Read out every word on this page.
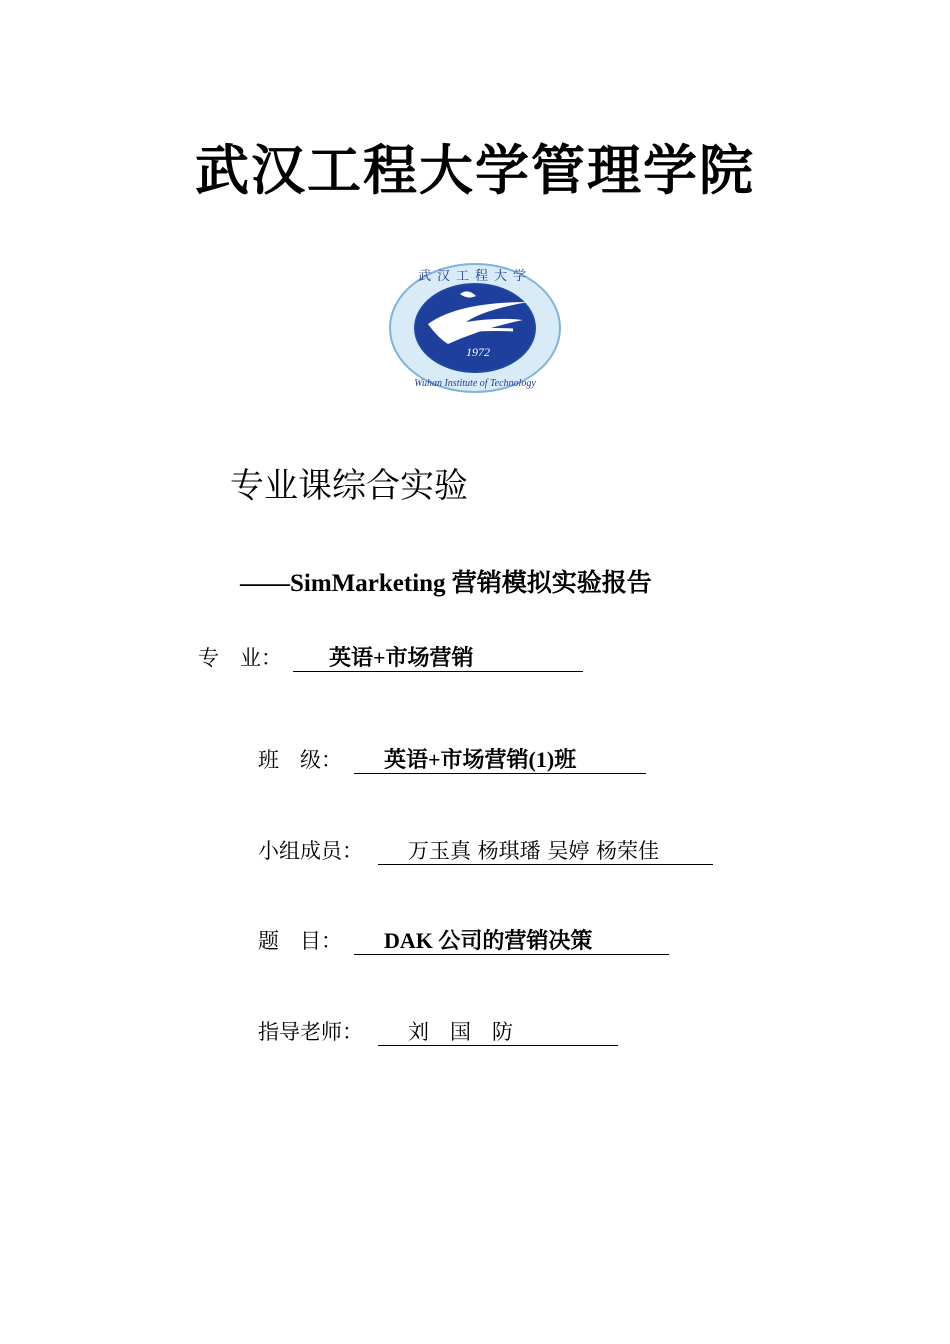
武汉工程大学管理学院
1972
武汉工程大学
Wuhan Institute of Technology
专业课综合实验
——SimMarketing 营销模拟实验报告
专　业：	英语+市场营销
班　级：	英语+市场营销(1)班
小组成员：	万玉真 杨琪璠 吴婷 杨荣佳
题　目：	DAK 公司的营销决策
指导老师：	刘　国　防
